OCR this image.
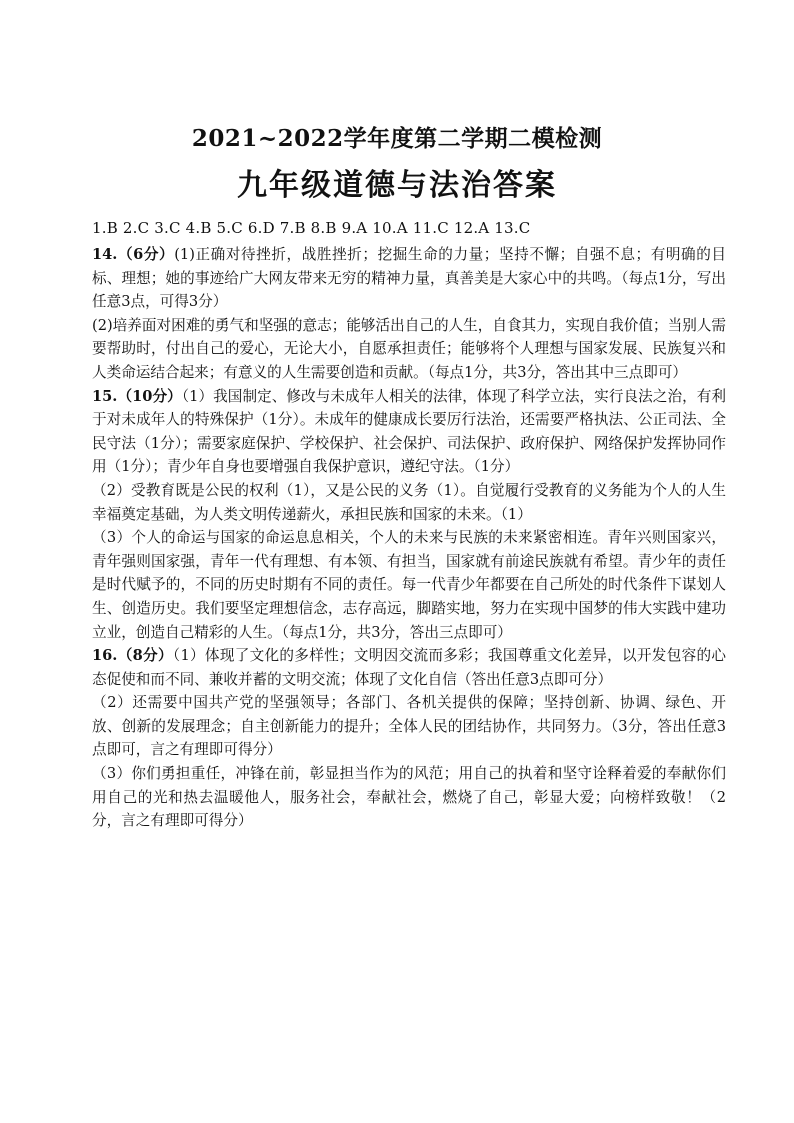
2021~2022学年度第二学期二模检测
九年级道德与法治答案
1.B 2.C 3.C 4.B 5.C 6.D 7.B 8.B 9.A 10.A 11.C 12.A 13.C

14.（6分）(1)正确对待挫折，战胜挫折；挖掘生命的力量；坚持不懈；自强不息；有明确的目标、理想；她的事迹给广大网友带来无穷的精神力量，真善美是大家心中的共鸣。（每点1分，写出任意3点，可得3分）

(2)培养面对困难的勇气和坚强的意志；能够活出自己的人生，自食其力，实现自我价值；当别人需要帮助时，付出自己的爱心，无论大小，自愿承担责任；能够将个人理想与国家发展、民族复兴和人类命运结合起来；有意义的人生需要创造和贡献。（每点1分，共3分，答出其中三点即可）

15.（10分）（1）我国制定、修改与未成年人相关的法律，体现了科学立法，实行良法之治，有利于对未成年人的特殊保护（1分）。未成年的健康成长要厉行法治，还需要严格执法、公正司法、全民守法（1分）；需要家庭保护、学校保护、社会保护、司法保护、政府保护、网络保护发挥协同作用（1分）；青少年自身也要增强自我保护意识，遵纪守法。（1分）

（2）受教育既是公民的权利（1），又是公民的义务（1）。自觉履行受教育的义务能为个人的人生幸福奠定基础，为人类文明传递薪火，承担民族和国家的未来。（1）

（3）个人的命运与国家的命运息息相关，个人的未来与民族的未来紧密相连。青年兴则国家兴，青年强则国家强，青年一代有理想、有本领、有担当，国家就有前途民族就有希望。青少年的责任是时代赋予的，不同的历史时期有不同的责任。每一代青少年都要在自己所处的时代条件下谋划人生、创造历史。我们要坚定理想信念，志存高远，脚踏实地，努力在实现中国梦的伟大实践中建功立业，创造自己精彩的人生。（每点1分，共3分，答出三点即可）

16.（8分）（1）体现了文化的多样性；文明因交流而多彩；我国尊重文化差异，以开发包容的心态促使和而不同、兼收并蓄的文明交流；体现了文化自信（答出任意3点即可分）

（2）还需要中国共产党的坚强领导；各部门、各机关提供的保障；坚持创新、协调、绿色、开放、创新的发展理念；自主创新能力的提升；全体人民的团结协作，共同努力。（3分，答出任意3点即可，言之有理即可得分）

（3）你们勇担重任，冲锋在前，彰显担当作为的风范；用自己的执着和坚守诠释着爱的奉献你们用自己的光和热去温暖他人，服务社会，奉献社会，燃烧了自己，彰显大爱；向榜样致敬！（2分，言之有理即可得分）
